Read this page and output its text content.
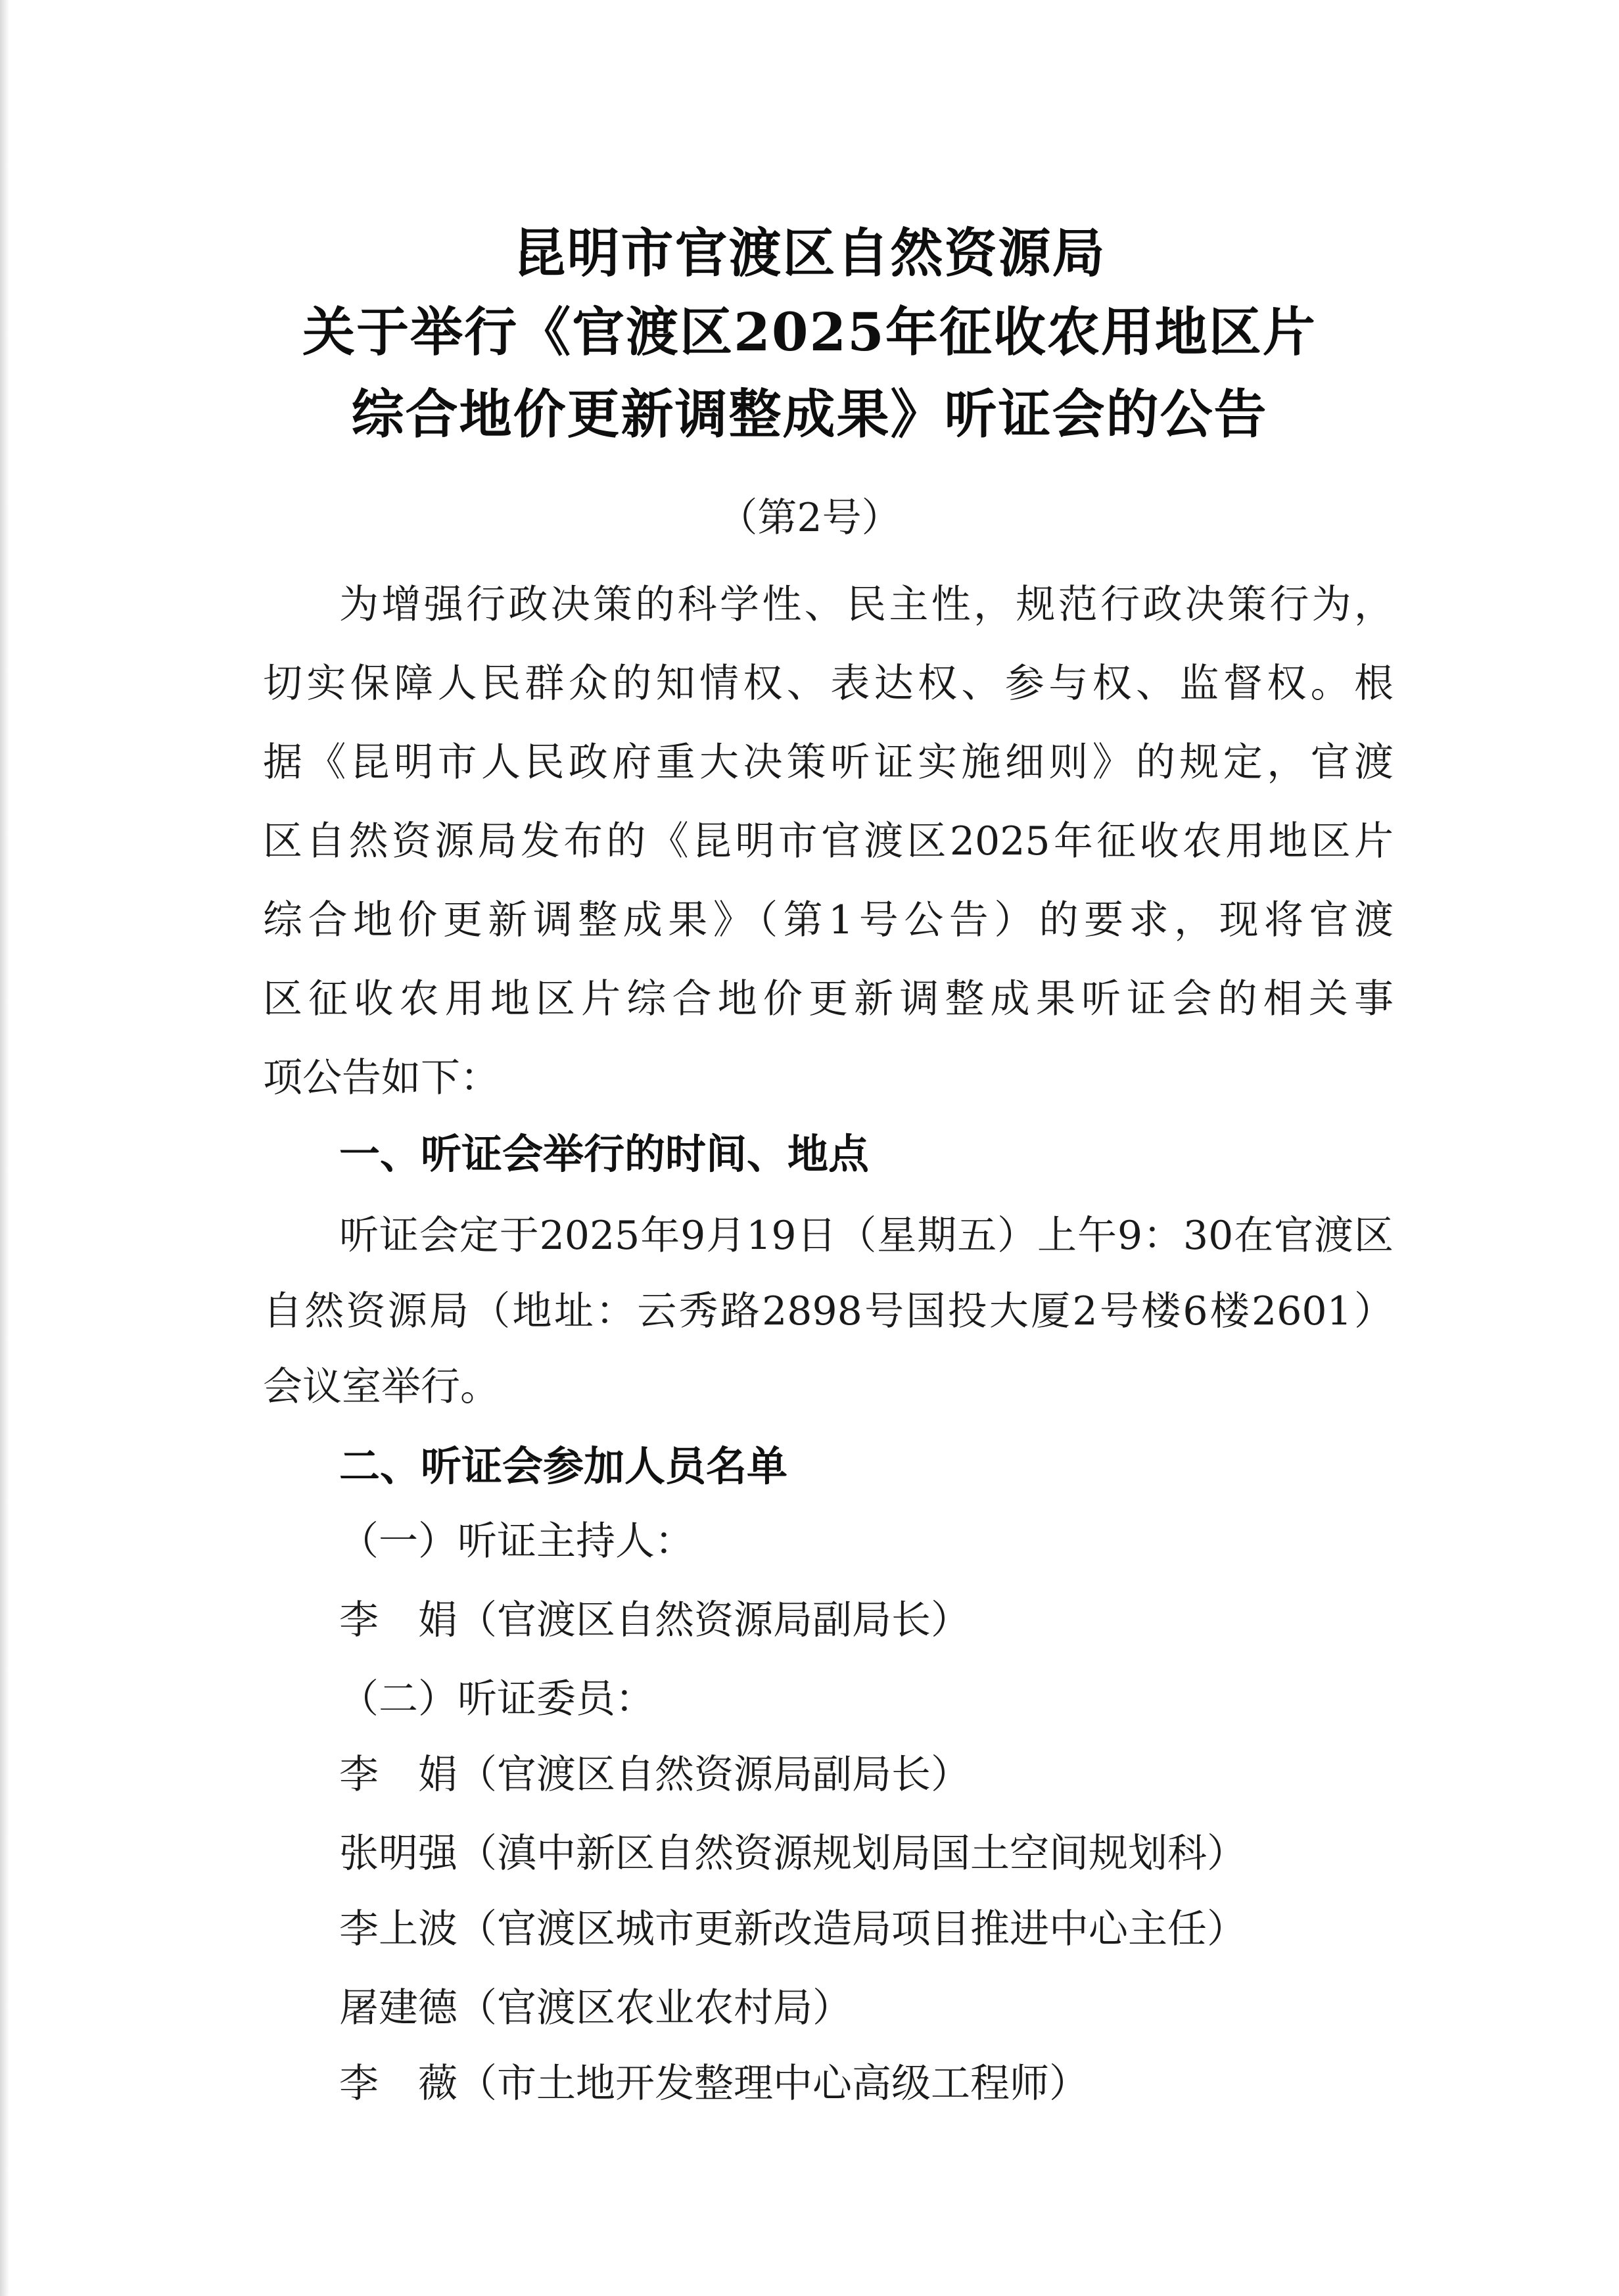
昆明市官渡区自然资源局
关于举行《官渡区2025年征收农用地区片
综合地价更新调整成果》听证会的公告
（第2号）
为增强行政决策的科学性、民主性，规范行政决策行为，
切实保障人民群众的知情权、表达权、参与权、监督权。根
据《昆明市人民政府重大决策听证实施细则》的规定，官渡
区自然资源局发布的《昆明市官渡区2025年征收农用地区片
综合地价更新调整成果》（第1号公告）的要求，现将官渡
区征收农用地区片综合地价更新调整成果听证会的相关事
项公告如下：
一、听证会举行的时间、地点
听证会定于2025年9月19日（星期五）上午9：30在官渡区
自然资源局（地址：云秀路2898号国投大厦2号楼6楼2601）
会议室举行。
二、听证会参加人员名单
（一）听证主持人：
李　娟（官渡区自然资源局副局长）
（二）听证委员：
李　娟（官渡区自然资源局副局长）
张明强（滇中新区自然资源规划局国土空间规划科）
李上波（官渡区城市更新改造局项目推进中心主任）
屠建德（官渡区农业农村局）
李　薇（市土地开发整理中心高级工程师）
